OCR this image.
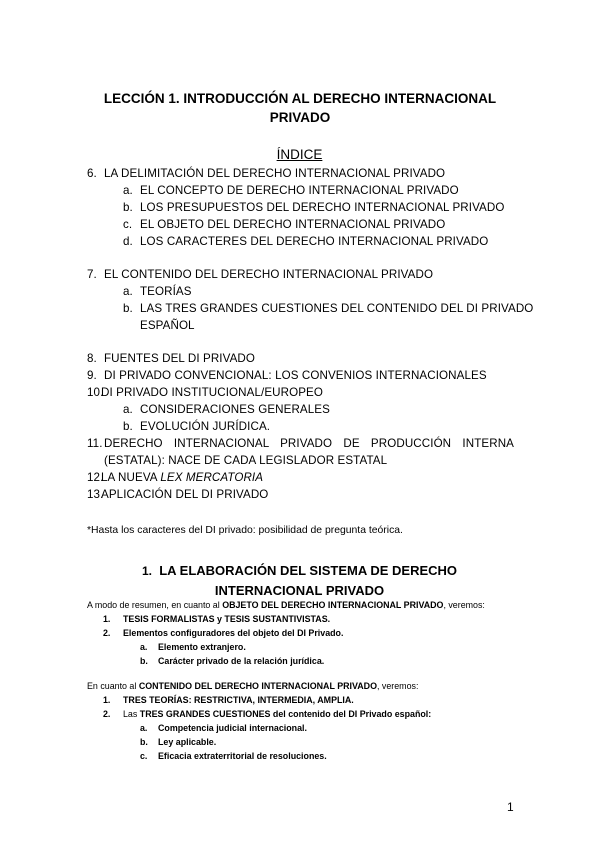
LECCIÓN 1. INTRODUCCIÓN AL DERECHO INTERNACIONAL
PRIVADO
ÍNDICE
6. LA DELIMITACIÓN DEL DERECHO INTERNACIONAL PRIVADO
a. EL CONCEPTO DE DERECHO INTERNACIONAL PRIVADO
b. LOS PRESUPUESTOS DEL DERECHO INTERNACIONAL PRIVADO
c. EL OBJETO DEL DERECHO INTERNACIONAL PRIVADO
d. LOS CARACTERES DEL DERECHO INTERNACIONAL PRIVADO
7. EL CONTENIDO DEL DERECHO INTERNACIONAL PRIVADO
a. TEORÍAS
b. LAS TRES GRANDES CUESTIONES DEL CONTENIDO DEL DI PRIVADO
ESPAÑOL
8. FUENTES DEL DI PRIVADO
9. DI PRIVADO CONVENCIONAL: LOS CONVENIOS INTERNACIONALES
10.
DI PRIVADO INSTITUCIONAL/EUROPEO
a. CONSIDERACIONES GENERALES
b. EVOLUCIÓN JURÍDICA.
11. DERECHO INTERNACIONAL PRIVADO DE PRODUCCIÓN INTERNA
(ESTATAL): NACE DE CADA LEGISLADOR ESTATAL
12.
LA NUEVA LEX MERCATORIA
13.
APLICACIÓN DEL DI PRIVADO
*Hasta los caracteres del DI privado: posibilidad de pregunta teórica.
1. LA ELABORACIÓN DEL SISTEMA DE DERECHO
INTERNACIONAL PRIVADO
A modo de resumen, en cuanto al OBJETO DEL DERECHO INTERNACIONAL PRIVADO, veremos:
1. TESIS FORMALISTAS y TESIS SUSTANTIVISTAS.
2. Elementos configuradores del objeto del DI Privado.
a. Elemento extranjero.
b. Carácter privado de la relación jurídica.
En cuanto al CONTENIDO DEL DERECHO INTERNACIONAL PRIVADO, veremos:
1. TRES TEORÍAS: RESTRICTIVA, INTERMEDIA, AMPLIA.
2. Las TRES GRANDES CUESTIONES del contenido del DI Privado español:
a. Competencia judicial internacional.
b. Ley aplicable.
c. Eficacia extraterritorial de resoluciones.
1
